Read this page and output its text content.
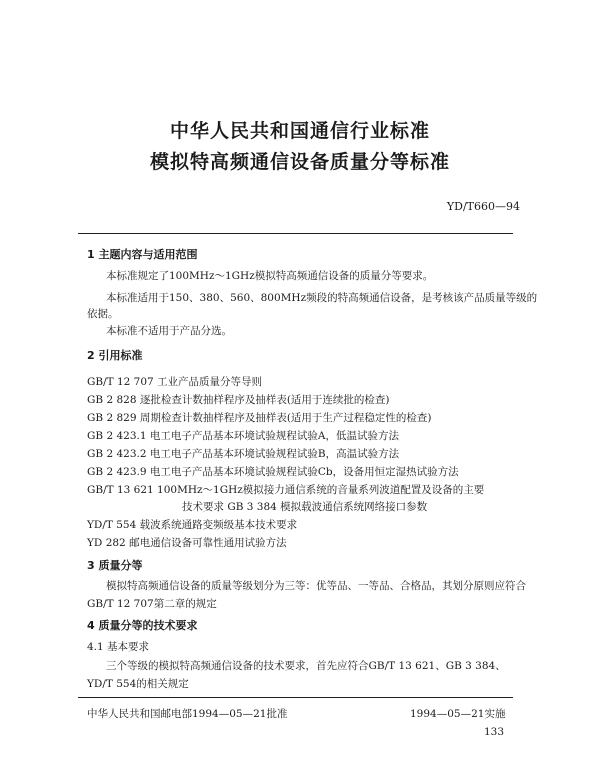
中华人民共和国通信行业标准
模拟特高频通信设备质量分等标准
YD/T660—94
1 主题内容与适用范围
本标准规定了100MHz～1GHz模拟特高频通信设备的质量分等要求。
本标准适用于150、380、560、800MHz频段的特高频通信设备，是考核该产品质量等级的
依据。
本标准不适用于产品分选。
2 引用标准
GB/T 12 707 工业产品质量分等导则
GB 2 828 逐批检查计数抽样程序及抽样表(适用于连续批的检查)
GB 2 829 周期检查计数抽样程序及抽样表(适用于生产过程稳定性的检查)
GB 2 423.1 电工电子产品基本环境试验规程试验A，低温试验方法
GB 2 423.2 电工电子产品基本环境试验规程试验B，高温试验方法
GB 2 423.9 电工电子产品基本环境试验规程试验Cb，设备用恒定湿热试验方法
GB/T 13 621 100MHz～1GHz模拟接力通信系统的音量系列波道配置及设备的主要
技术要求 GB 3 384 模拟载波通信系统网络接口参数
YD/T 554 载波系统通路变频级基本技术要求
YD 282 邮电通信设备可靠性通用试验方法
3 质量分等
模拟特高频通信设备的质量等级划分为三等：优等品、一等品、合格品，其划分原则应符合
GB/T 12 707第二章的规定
4 质量分等的技术要求
4.1 基本要求
三个等级的模拟特高频通信设备的技术要求，首先应符合GB/T 13 621、GB 3 384、
YD/T 554的相关规定
中华人民共和国邮电部1994—05—21批准	1994—05—21实施
133
